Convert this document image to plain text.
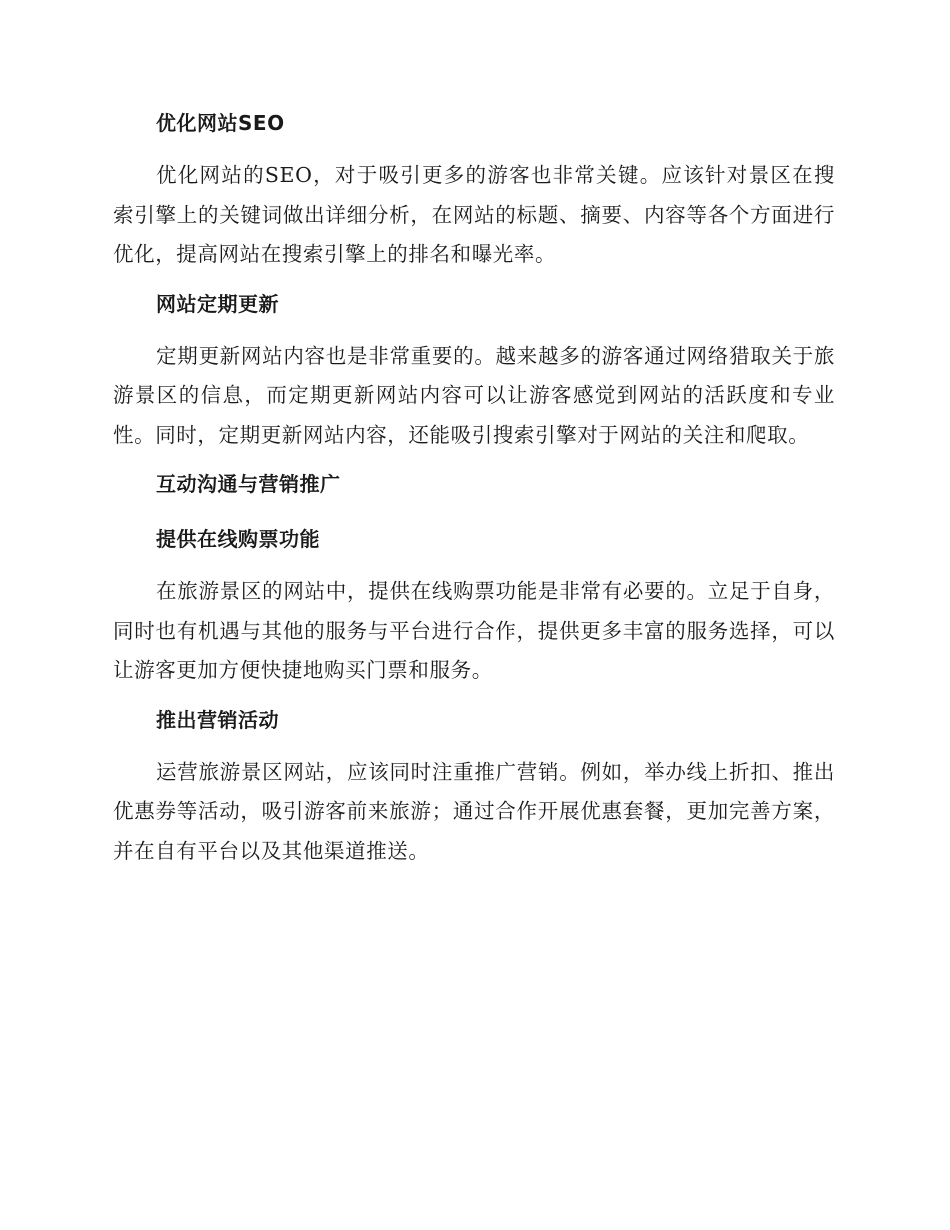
优化网站SEO

优化网站的SEO，对于吸引更多的游客也非常关键。应该针对景区在搜索引擎上的关键词做出详细分析，在网站的标题、摘要、内容等各个方面进行优化，提高网站在搜索引擎上的排名和曝光率。

网站定期更新

定期更新网站内容也是非常重要的。越来越多的游客通过网络猎取关于旅游景区的信息，而定期更新网站内容可以让游客感觉到网站的活跃度和专业性。同时，定期更新网站内容，还能吸引搜索引擎对于网站的关注和爬取。

互动沟通与营销推广
提供在线购票功能

在旅游景区的网站中，提供在线购票功能是非常有必要的。立足于自身，同时也有机遇与其他的服务与平台进行合作，提供更多丰富的服务选择，可以让游客更加方便快捷地购买门票和服务。

推出营销活动

运营旅游景区网站，应该同时注重推广营销。例如，举办线上折扣、推出优惠券等活动，吸引游客前来旅游；通过合作开展优惠套餐，更加完善方案，并在自有平台以及其他渠道推送。
